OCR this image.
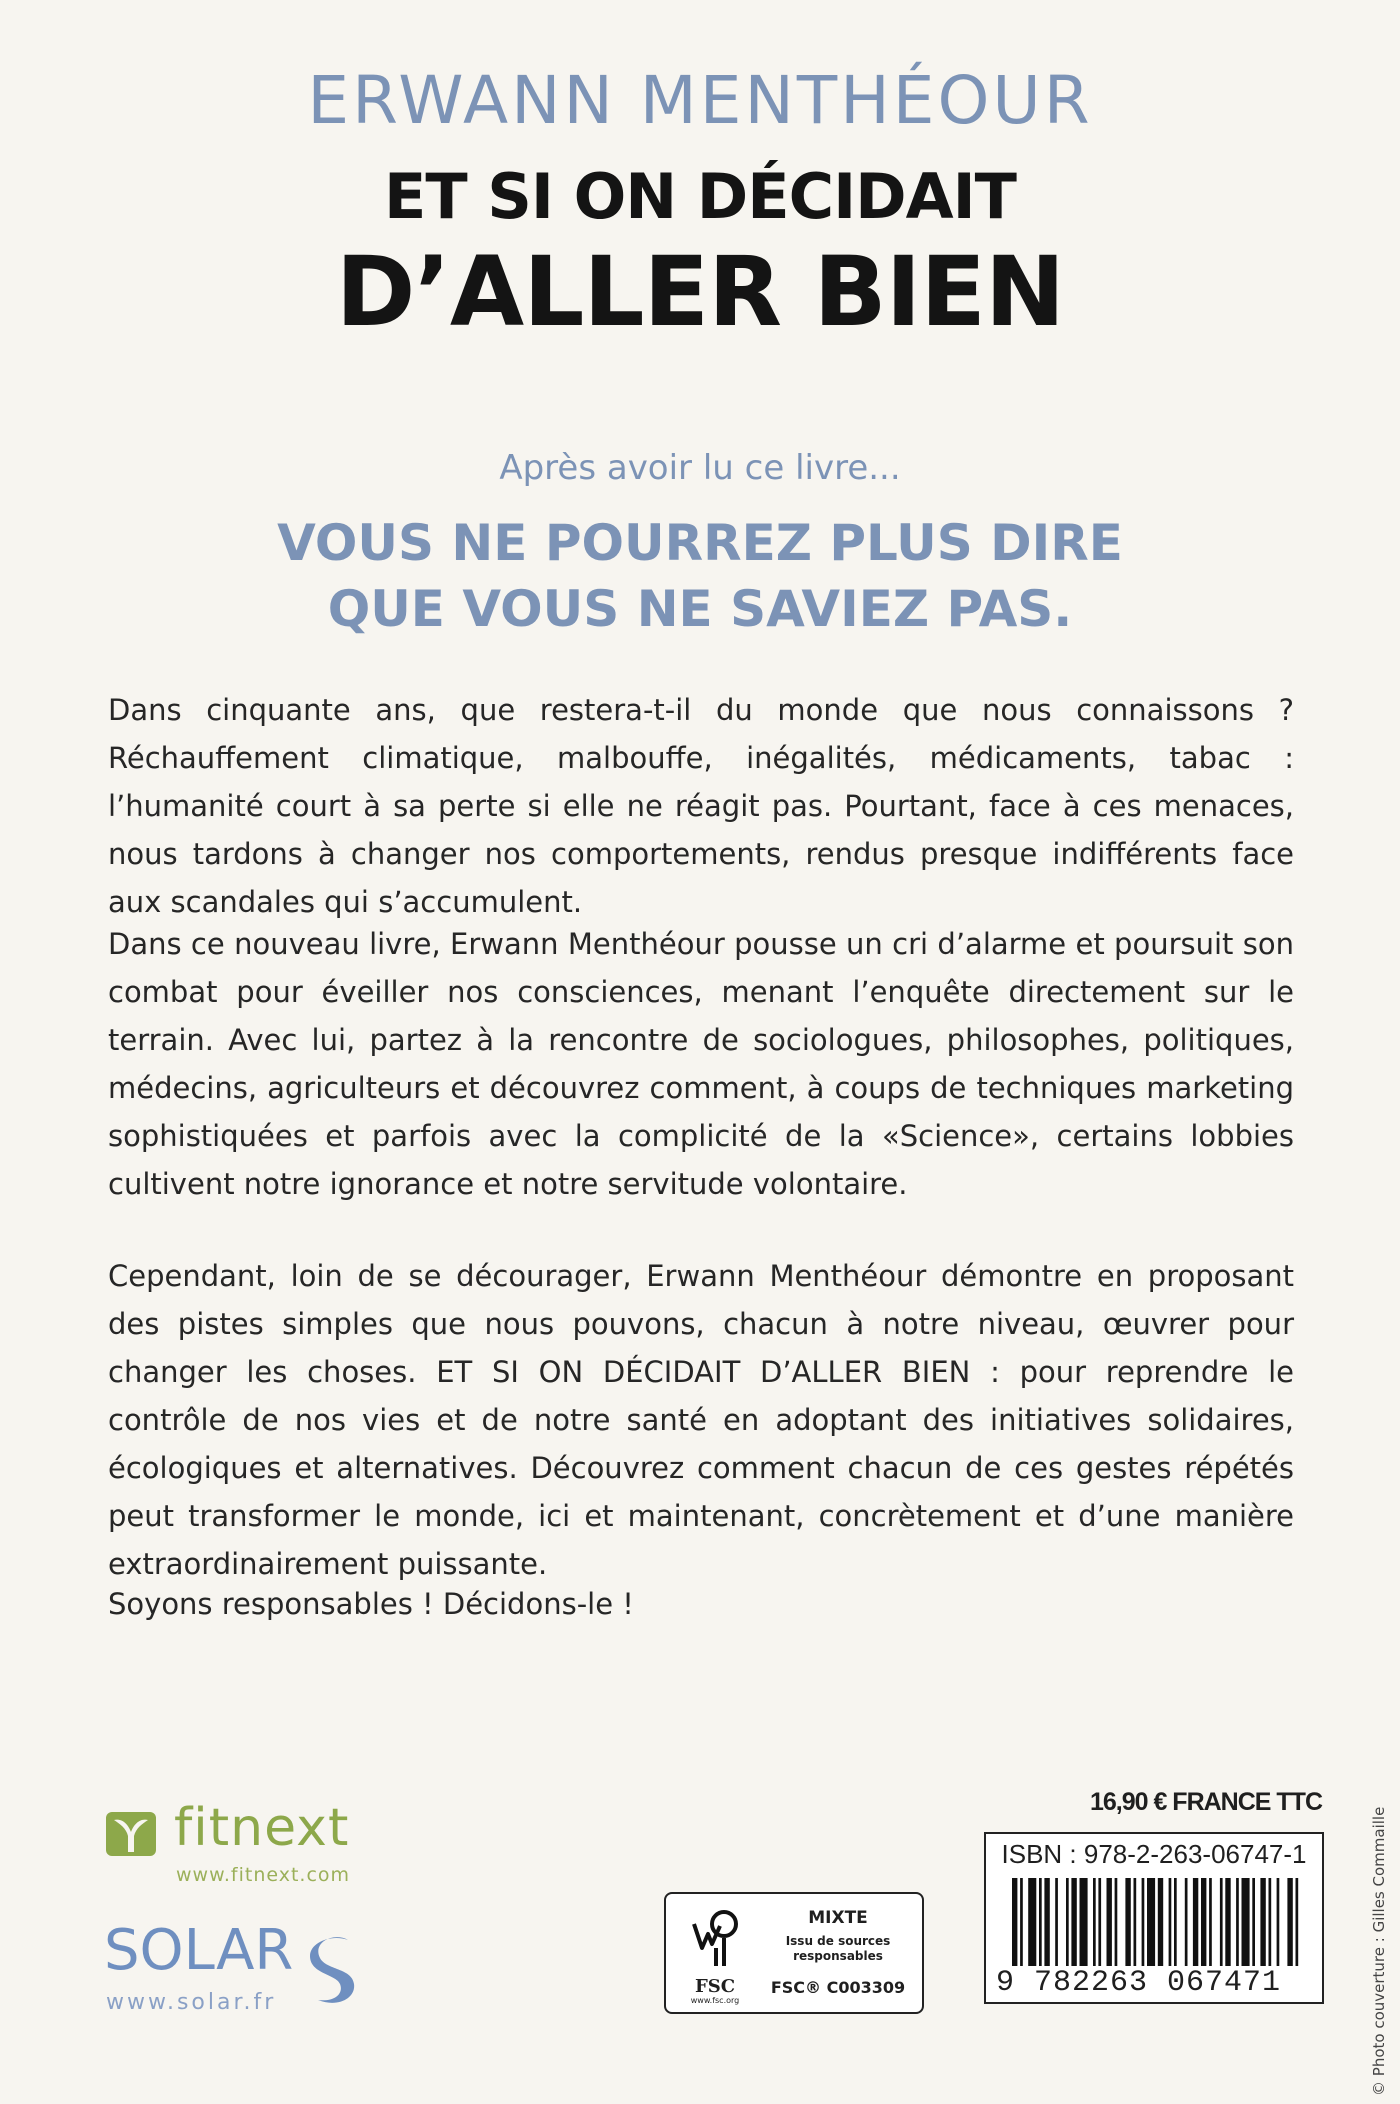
ERWANN MENTHÉOUR
ET SI ON DÉCIDAIT
D’ALLER BIEN
Après avoir lu ce livre...
VOUS NE POURREZ PLUS DIRE
QUE VOUS NE SAVIEZ PAS.

Dans cinquante ans, que restera-t-il du monde que nous connaissons ? Réchauffement climatique, malbouffe, inégalités, médicaments, tabac : l’humanité court à sa perte si elle ne réagit pas. Pourtant, face à ces menaces, nous tardons à changer nos comportements, rendus presque indifférents face aux scandales qui s’accumulent.

Dans ce nouveau livre, Erwann Menthéour pousse un cri d’alarme et poursuit son combat pour éveiller nos consciences, menant l’enquête directement sur le terrain. Avec lui, partez à la rencontre de sociologues, philosophes, politiques, médecins, agriculteurs et découvrez comment, à coups de techniques marketing sophistiquées et parfois avec la complicité de la «Science», certains lobbies cultivent notre ignorance et notre servitude volontaire.

Cependant, loin de se décourager, Erwann Menthéour démontre en proposant des pistes simples que nous pouvons, chacun à notre niveau, œuvrer pour changer les choses. ET SI ON DÉCIDAIT D’ALLER BIEN : pour reprendre le contrôle de nos vies et de notre santé en adoptant des initiatives solidaires, écologiques et alternatives. Découvrez comment chacun de ces gestes répétés peut transformer le monde, ici et maintenant, concrètement et d’une manière extraordinairement puissante.

Soyons responsables ! Décidons-le !

© Photo couverture : Gilles Commaille
fitnext
www.fitnext.com
SOLAR
www.solar.fr
FSC
www.fsc.org
MIXTE
Issu de sources
responsables
FSC® C003309
16,90 € FRANCE TTC
ISBN : 978-2-263-06747-1
9 782263 067471
